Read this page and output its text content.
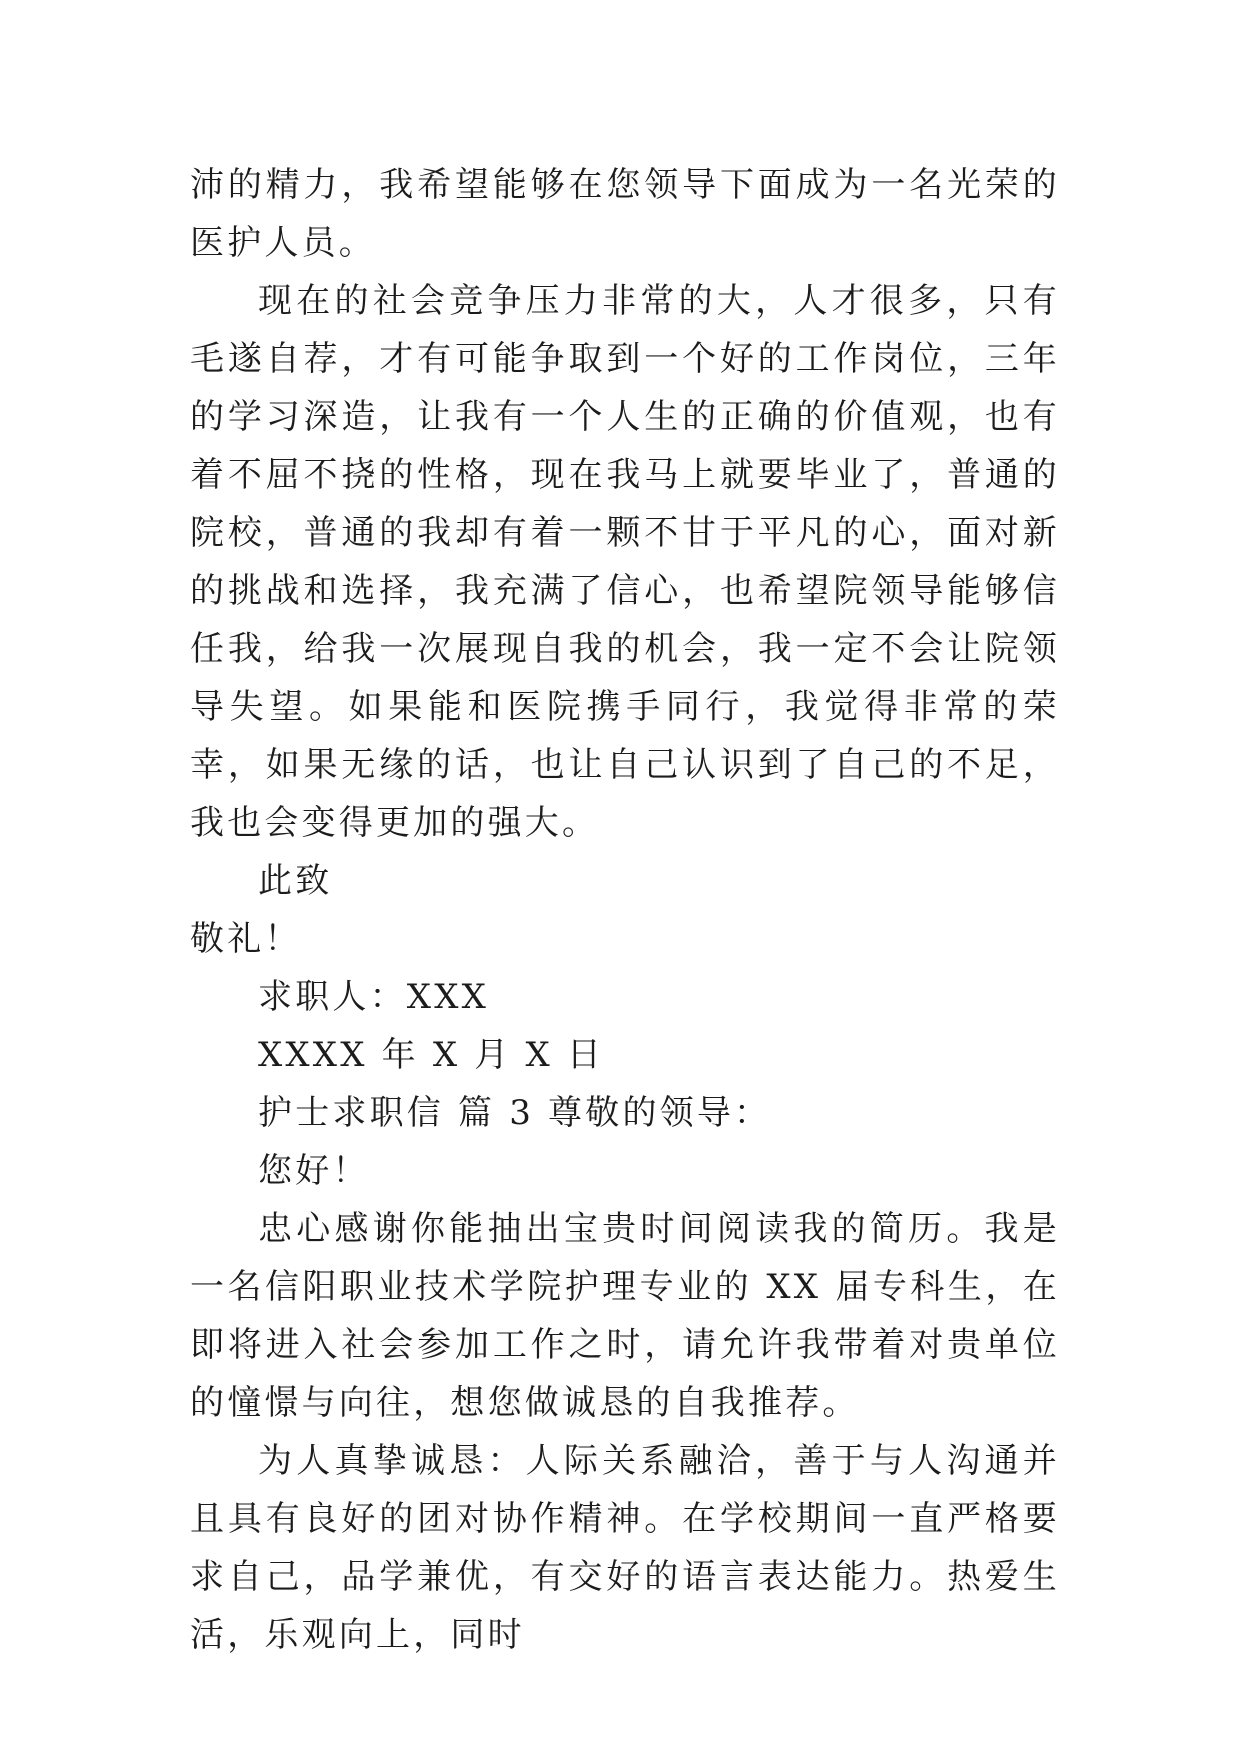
沛的精力，我希望能够在您领导下面成为一名光荣的医护人员。

现在的社会竞争压力非常的大，人才很多，只有毛遂自荐，才有可能争取到一个好的工作岗位，三年的学习深造，让我有一个人生的正确的价值观，也有着不屈不挠的性格，现在我马上就要毕业了，普通的院校，普通的我却有着一颗不甘于平凡的心，面对新的挑战和选择，我充满了信心，也希望院领导能够信任我，给我一次展现自我的机会，我一定不会让院领导失望。如果能和医院携手同行，我觉得非常的荣幸，如果无缘的话，也让自己认识到了自己的不足，我也会变得更加的强大。

此致

敬礼！

求职人：XXX

XXXX 年 X 月 X 日

护士求职信 篇 3 尊敬的领导：

您好！

忠心感谢你能抽出宝贵时间阅读我的简历。我是一名信阳职业技术学院护理专业的 XX 届专科生，在即将进入社会参加工作之时，请允许我带着对贵单位的憧憬与向往，想您做诚恳的自我推荐。

为人真挚诚恳：人际关系融洽，善于与人沟通并且具有良好的团对协作精神。在学校期间一直严格要求自己，品学兼优，有交好的语言表达能力。热爱生活，乐观向上，同时
